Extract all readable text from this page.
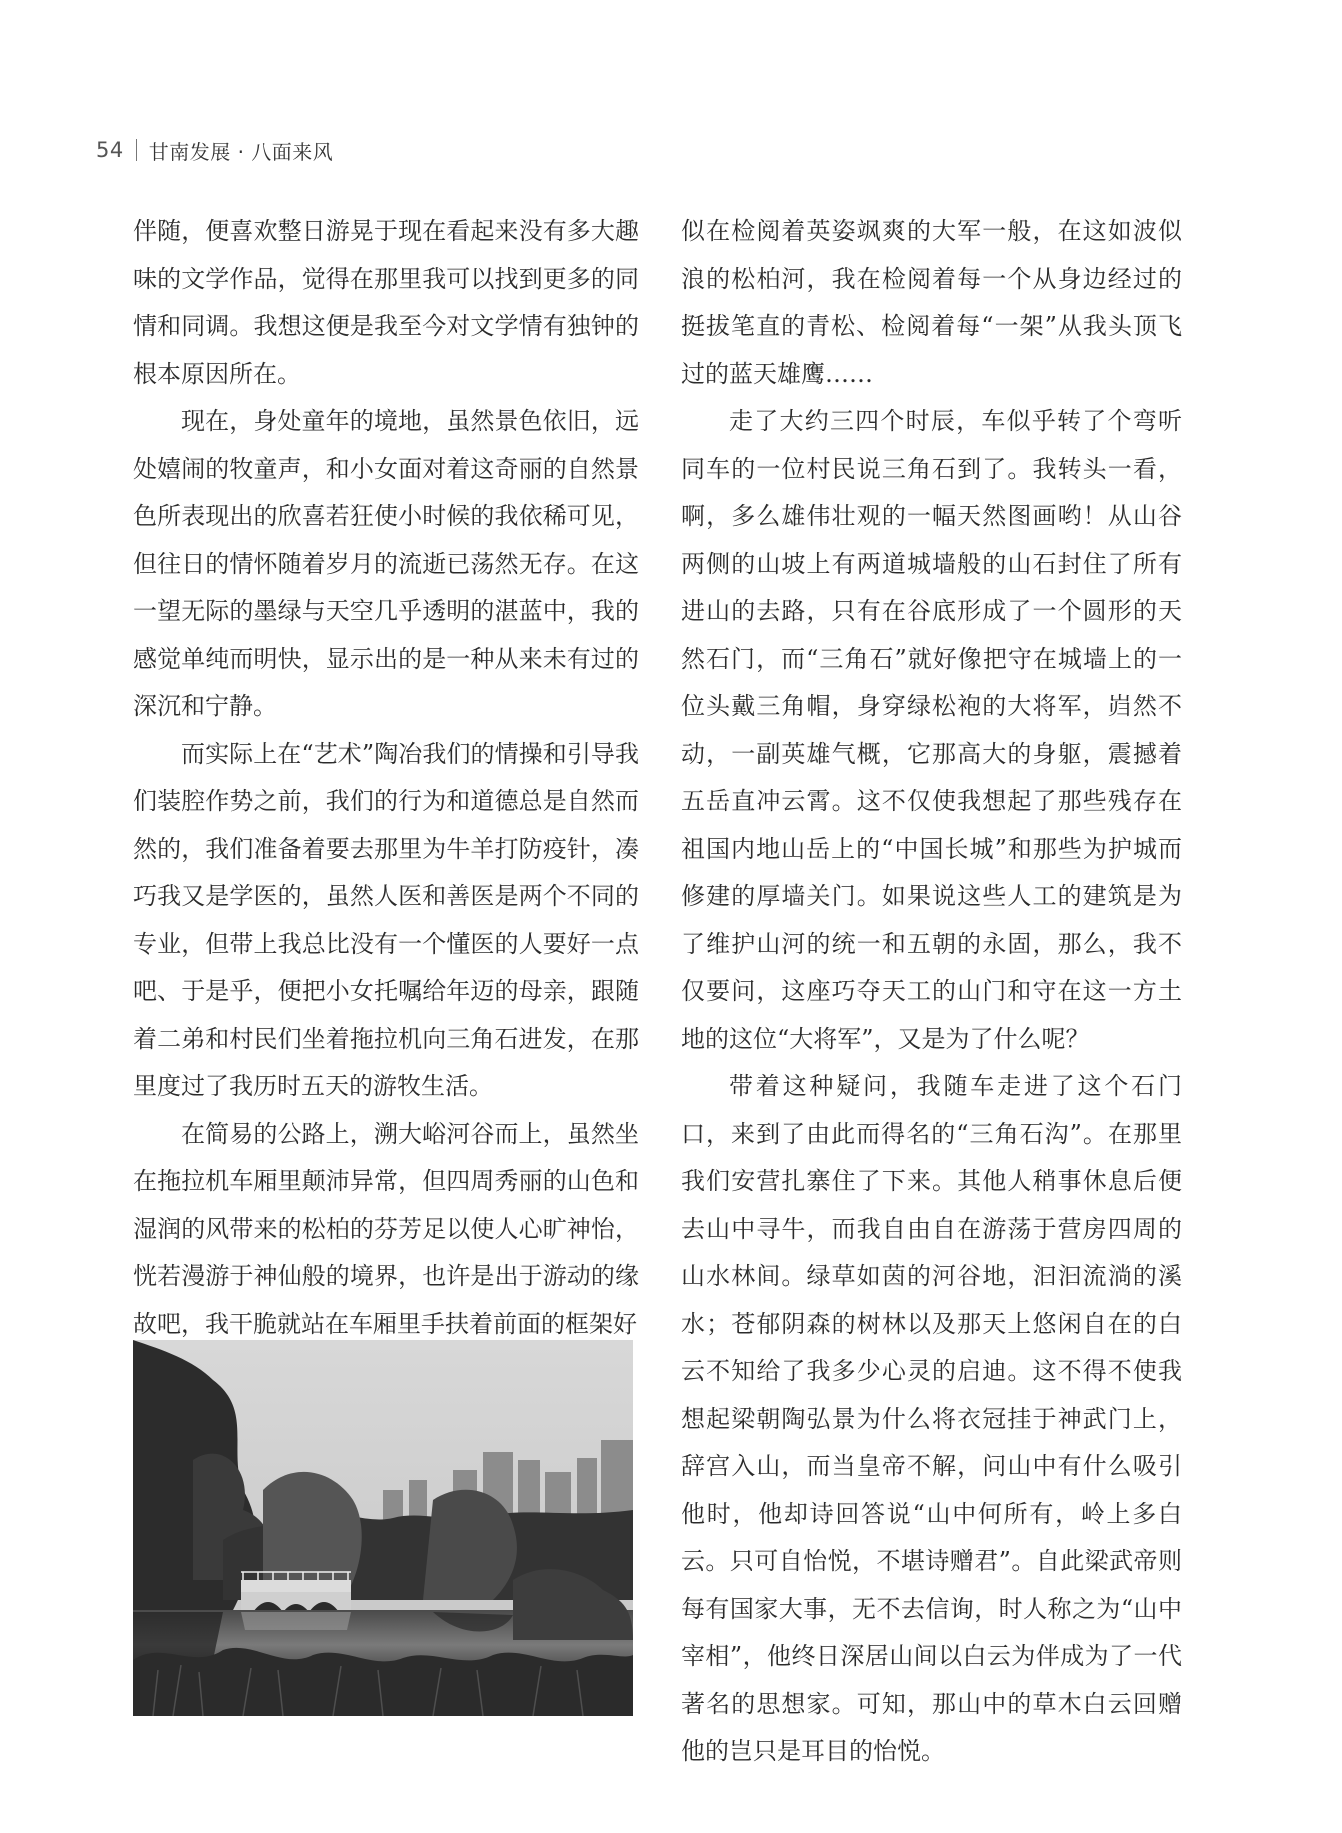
54 甘南发展 · 八面来风

伴随，便喜欢整日游晃于现在看起来没有多大趣味的文学作品，觉得在那里我可以找到更多的同情和同调。我想这便是我至今对文学情有独钟的根本原因所在。

现在，身处童年的境地，虽然景色依旧，远处嬉闹的牧童声，和小女面对着这奇丽的自然景色所表现出的欣喜若狂使小时候的我依稀可见，但往日的情怀随着岁月的流逝已荡然无存。在这一望无际的墨绿与天空几乎透明的湛蓝中，我的感觉单纯而明快，显示出的是一种从来未有过的深沉和宁静。

而实际上在“艺术”陶冶我们的情操和引导我们装腔作势之前，我们的行为和道德总是自然而然的，我们准备着要去那里为牛羊打防疫针，凑巧我又是学医的，虽然人医和善医是两个不同的专业，但带上我总比没有一个懂医的人要好一点吧、于是乎，便把小女托嘱给年迈的母亲，跟随着二弟和村民们坐着拖拉机向三角石进发，在那里度过了我历时五天的游牧生活。

在简易的公路上，溯大峪河谷而上，虽然坐在拖拉机车厢里颠沛异常，但四周秀丽的山色和湿润的风带来的松柏的芬芳足以使人心旷神怡，恍若漫游于神仙般的境界，也许是出于游动的缘故吧，我干脆就站在车厢里手扶着前面的框架好

似在检阅着英姿飒爽的大军一般，在这如波似浪的松柏河，我在检阅着每一个从身边经过的挺拔笔直的青松、检阅着每“一架”从我头顶飞过的蓝天雄鹰……

走了大约三四个时辰，车似乎转了个弯听同车的一位村民说三角石到了。我转头一看，啊，多么雄伟壮观的一幅天然图画哟！从山谷两侧的山坡上有两道城墙般的山石封住了所有进山的去路，只有在谷底形成了一个圆形的天然石门，而“三角石”就好像把守在城墙上的一位头戴三角帽，身穿绿松袍的大将军，岿然不动，一副英雄气概，它那高大的身躯，震撼着五岳直冲云霄。这不仅使我想起了那些残存在祖国内地山岳上的“中国长城”和那些为护城而修建的厚墙关门。如果说这些人工的建筑是为了维护山河的统一和五朝的永固，那么，我不仅要问，这座巧夺天工的山门和守在这一方土地的这位“大将军”，又是为了什么呢？

带着这种疑问，我随车走进了这个石门口，来到了由此而得名的“三角石沟”。在那里我们安营扎寨住了下来。其他人稍事休息后便去山中寻牛，而我自由自在游荡于营房四周的山水林间。绿草如茵的河谷地，汩汩流淌的溪水；苍郁阴森的树林以及那天上悠闲自在的白云不知给了我多少心灵的启迪。这不得不使我想起梁朝陶弘景为什么将衣冠挂于神武门上，辞宫入山，而当皇帝不解，问山中有什么吸引他时，他却诗回答说“山中何所有，岭上多白云。只可自怡悦，不堪诗赠君”。自此梁武帝则每有国家大事，无不去信询，时人称之为“山中宰相”，他终日深居山间以白云为伴成为了一代著名的思想家。可知，那山中的草木白云回赠他的岂只是耳目的怡悦。
